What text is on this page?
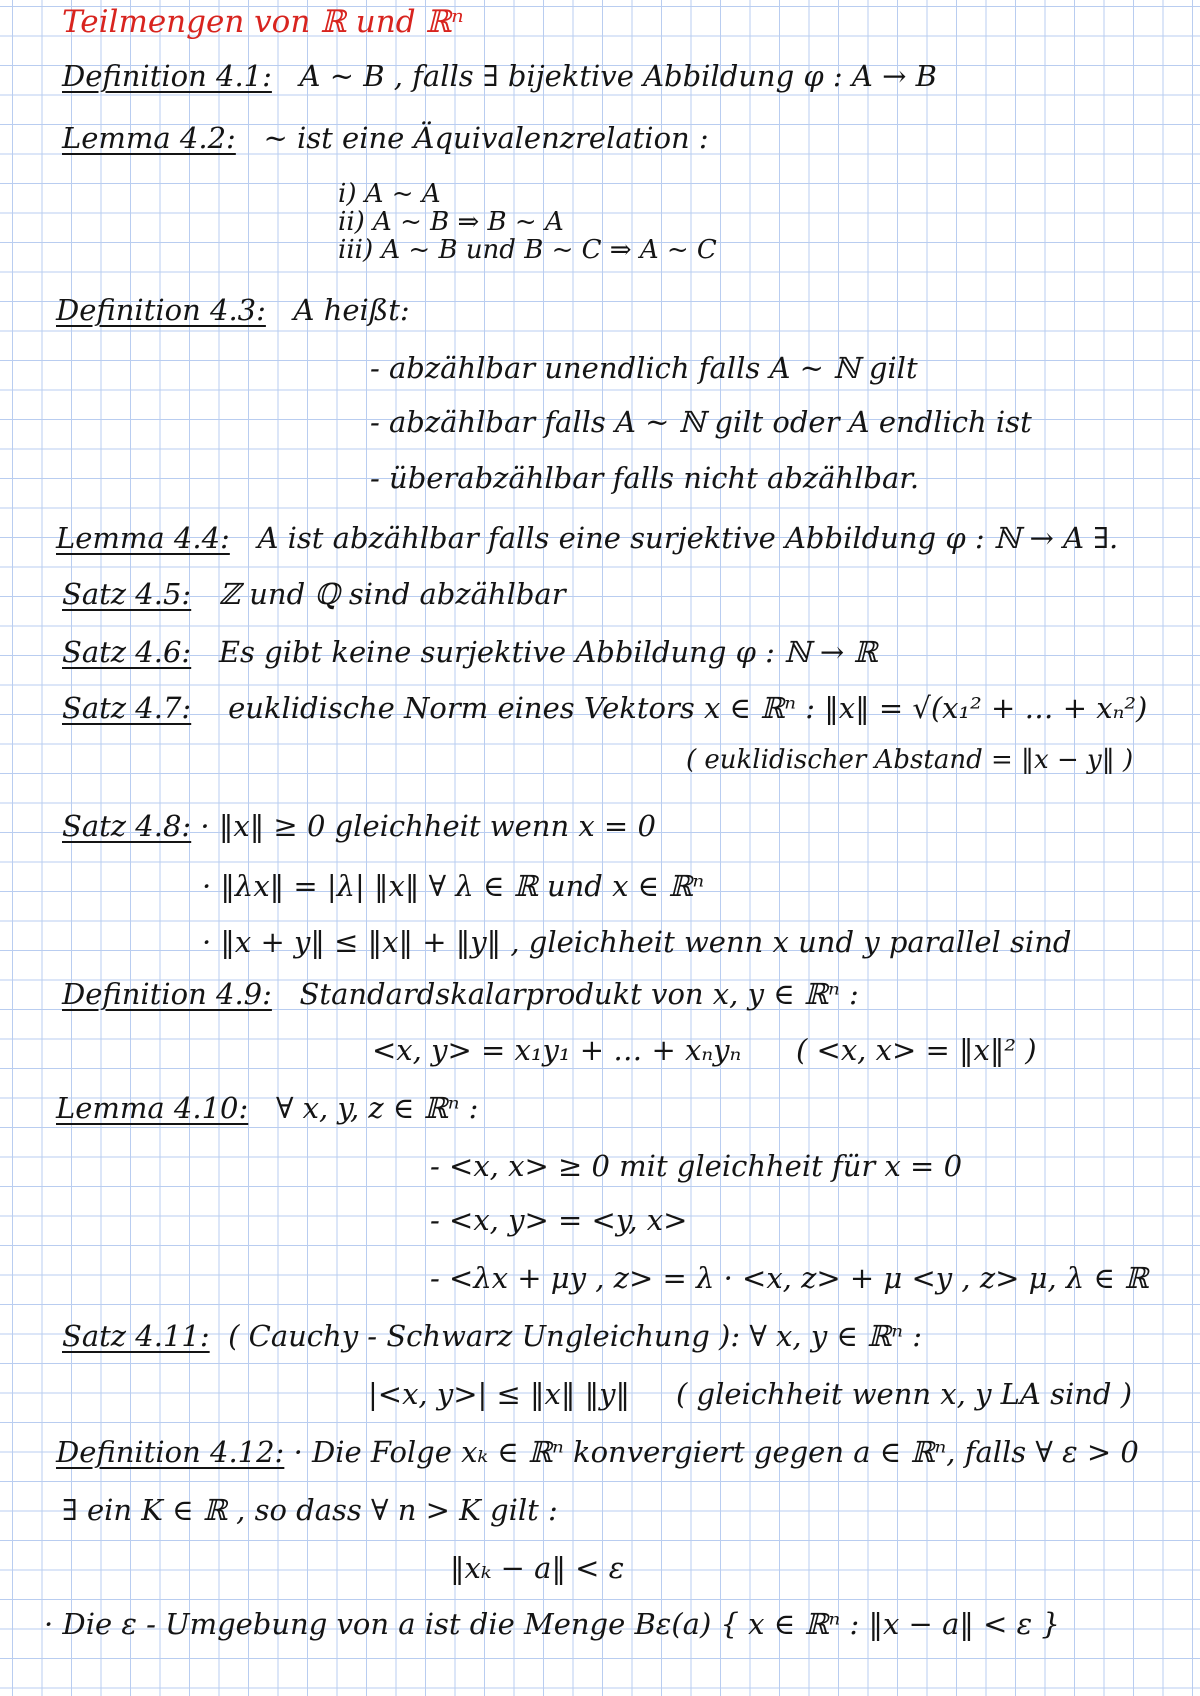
Teilmengen von ℝ und ℝⁿ
Definition 4.1: A ~ B , falls ∃ bijektive Abbildung φ : A → B
Lemma 4.2: ~ ist eine Äquivalenzrelation :
i) A ~ A
ii) A ~ B ⇒ B ~ A
iii) A ~ B und B ~ C ⇒ A ~ C
Definition 4.3: A heißt:
- abzählbar unendlich falls A ~ ℕ gilt
- abzählbar falls A ~ ℕ gilt oder A endlich ist
- überabzählbar falls nicht abzählbar.
Lemma 4.4: A ist abzählbar falls eine surjektive Abbildung φ : ℕ → A ∃.
Satz 4.5: ℤ und ℚ sind abzählbar
Satz 4.6: Es gibt keine surjektive Abbildung φ : ℕ → ℝ
Satz 4.7: euklidische Norm eines Vektors x ∈ ℝⁿ : ‖x‖ = √(x₁² + … + xₙ²)
( euklidischer Abstand = ‖x − y‖ )
Satz 4.8: · ‖x‖ ≥ 0 gleichheit wenn x = 0
· ‖λx‖ = |λ| ‖x‖ ∀ λ ∈ ℝ und x ∈ ℝⁿ
· ‖x + y‖ ≤ ‖x‖ + ‖y‖ , gleichheit wenn x und y parallel sind
Definition 4.9: Standardskalarprodukt von x, y ∈ ℝⁿ :
<x, y> = x₁y₁ + … + xₙyₙ ( <x, x> = ‖x‖² )
Lemma 4.10: ∀ x, y, z ∈ ℝⁿ :
- <x, x> ≥ 0 mit gleichheit für x = 0
- <x, y> = <y, x>
- <λx + μy , z> = λ · <x, z> + μ <y , z> μ, λ ∈ ℝ
Satz 4.11: ( Cauchy - Schwarz Ungleichung ): ∀ x, y ∈ ℝⁿ :
|<x, y>| ≤ ‖x‖ ‖y‖ ( gleichheit wenn x, y LA sind )
Definition 4.12: · Die Folge xₖ ∈ ℝⁿ konvergiert gegen a ∈ ℝⁿ, falls ∀ ε > 0
∃ ein K ∈ ℝ , so dass ∀ n > K gilt :
‖xₖ − a‖ < ε
· Die ε - Umgebung von a ist die Menge Bε(a) { x ∈ ℝⁿ : ‖x − a‖ < ε }
